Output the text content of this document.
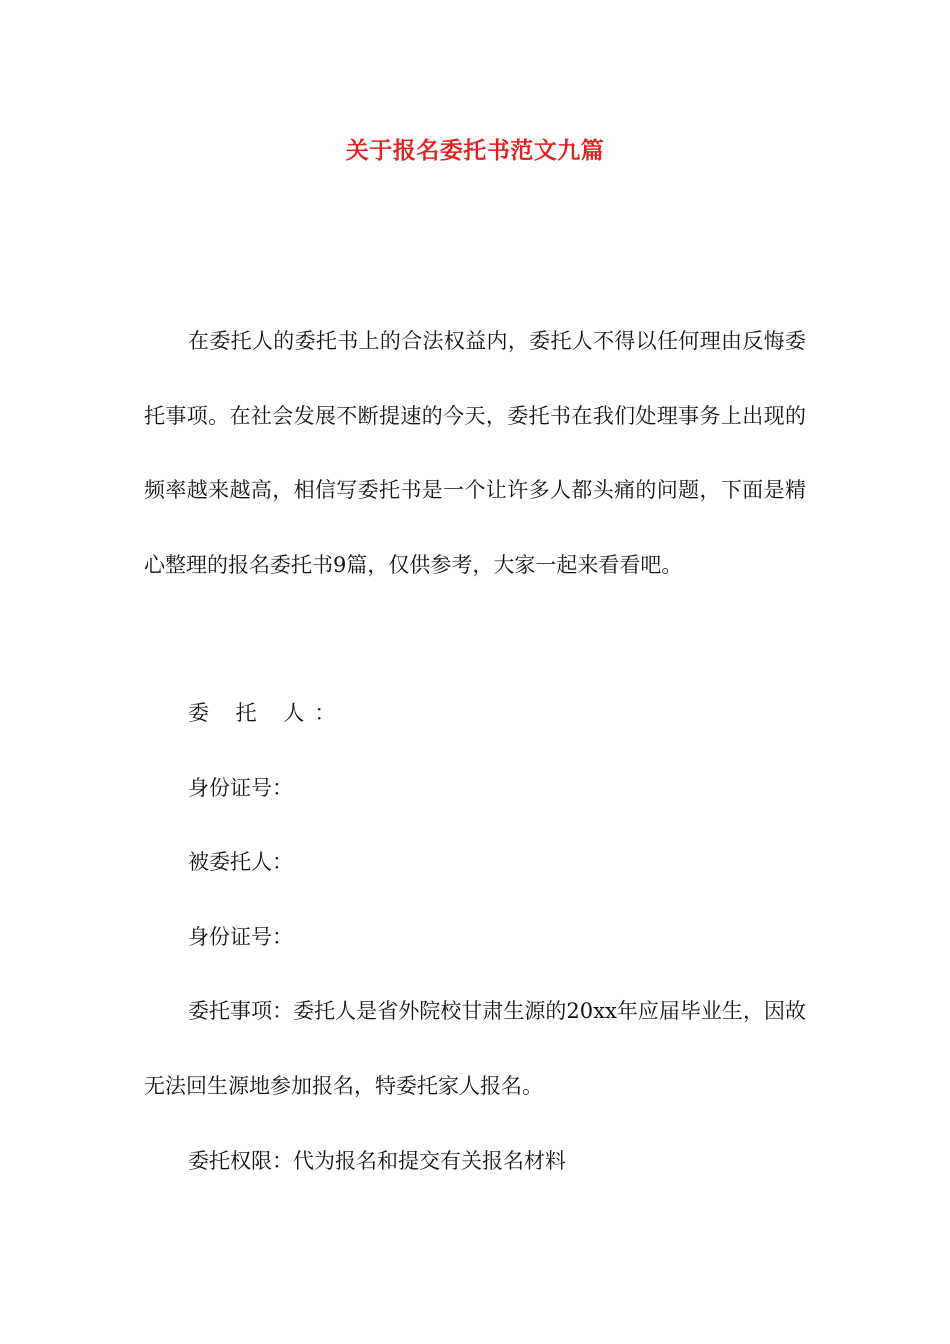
关于报名委托书范文九篇

在委托人的委托书上的合法权益内，委托人不得以任何理由反悔委托事项。在社会发展不断提速的今天，委托书在我们处理事务上出现的频率越来越高，相信写委托书是一个让许多人都头痛的问题，下面是精心整理的报名委托书9篇，仅供参考，大家一起来看看吧。

委 托 人：

身份证号：

被委托人：

身份证号：

委托事项：委托人是省外院校甘肃生源的20xx年应届毕业生，因故无法回生源地参加报名，特委托家人报名。

委托权限：代为报名和提交有关报名材料
